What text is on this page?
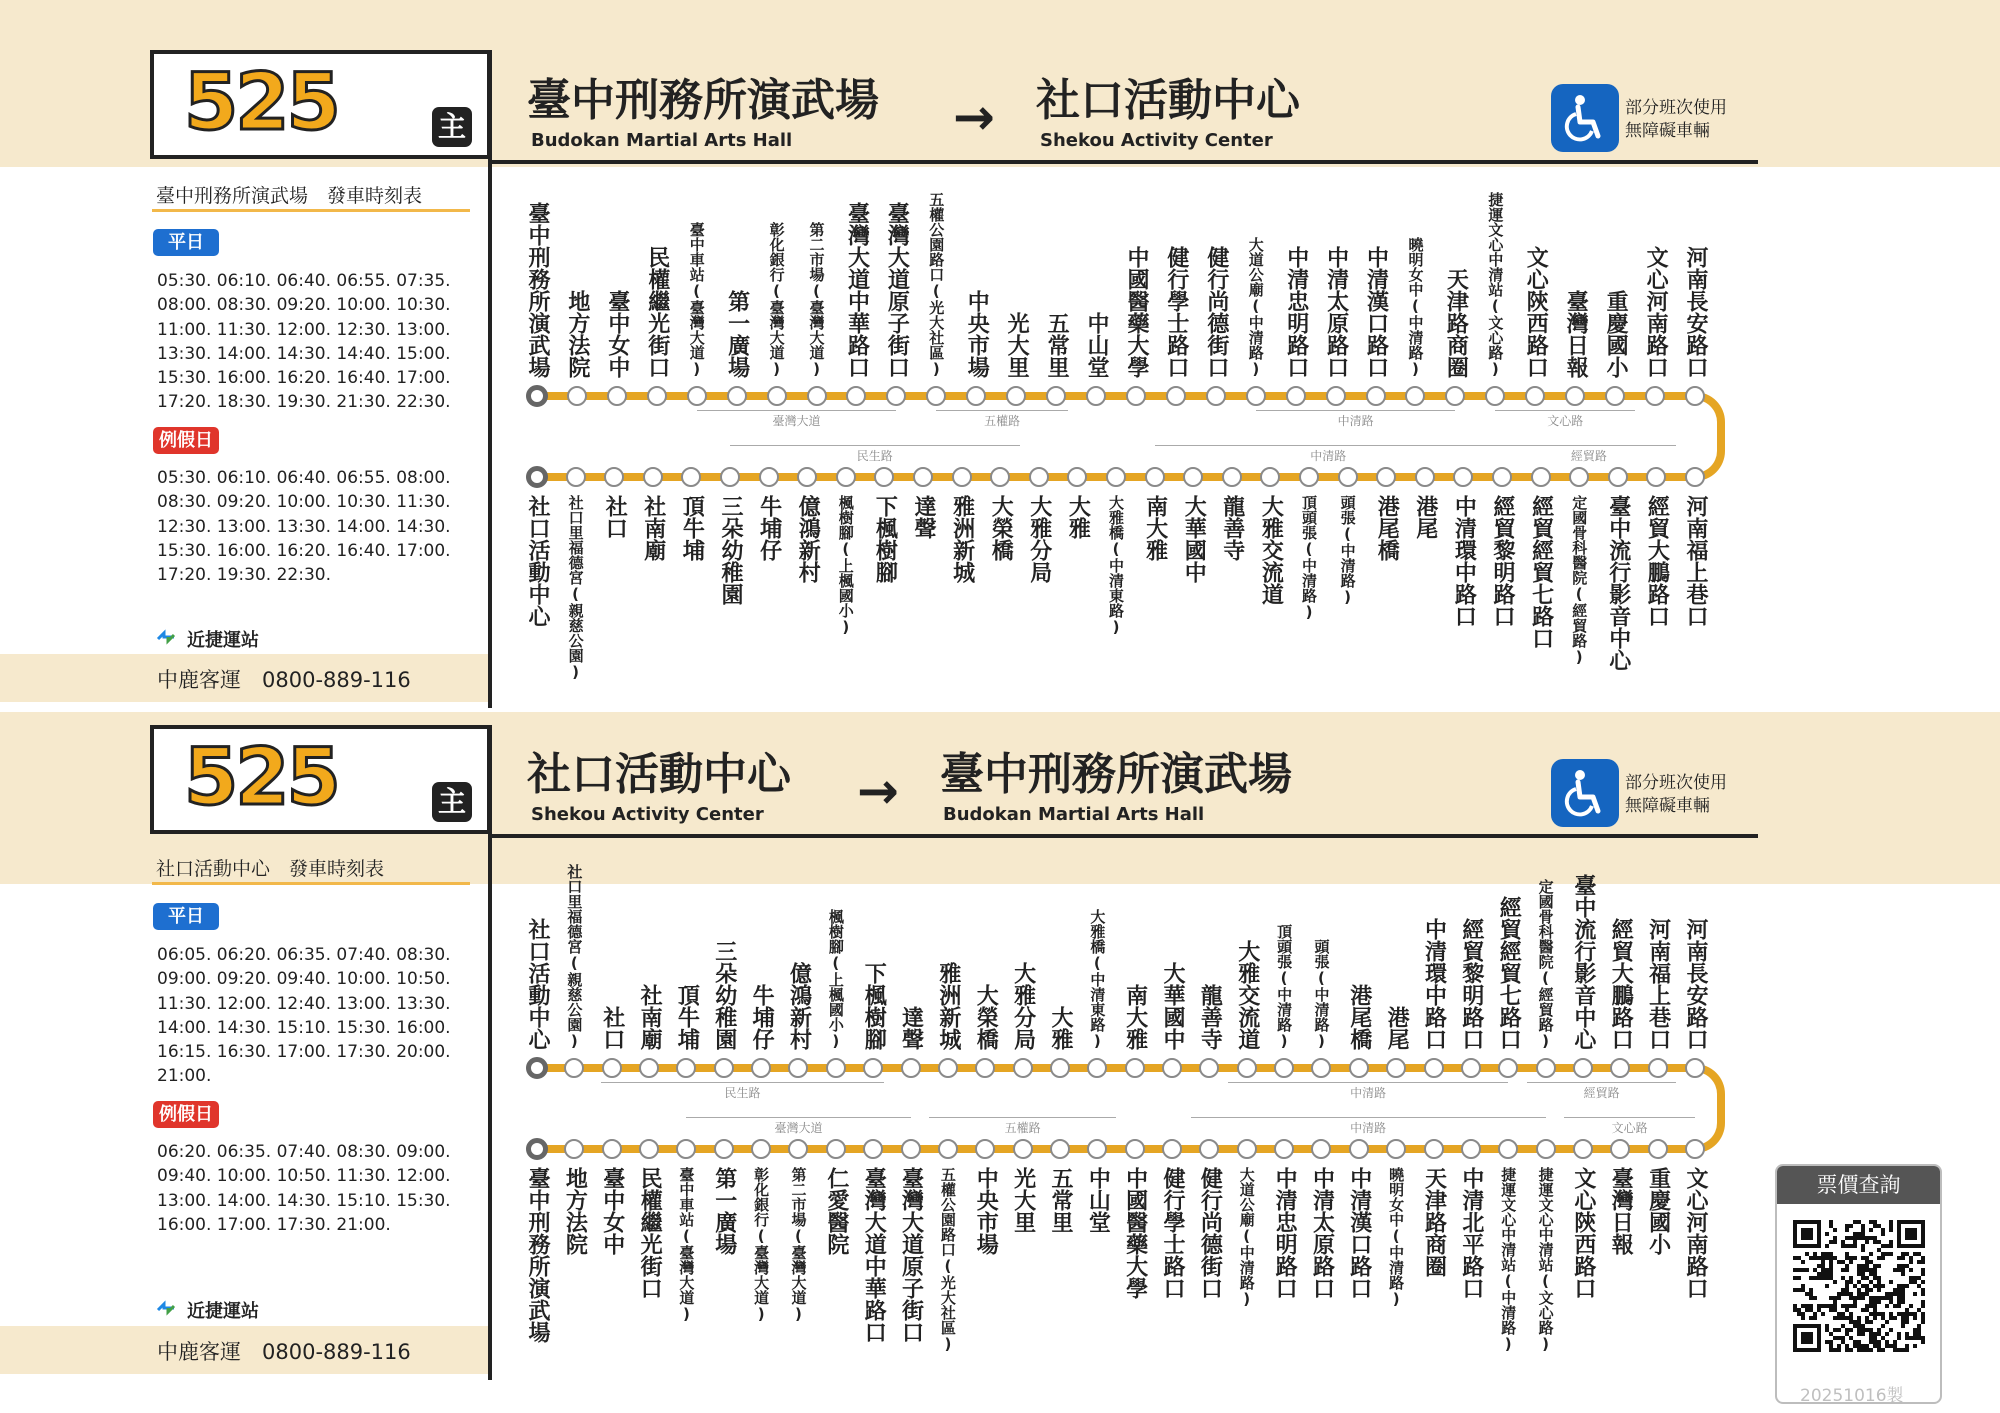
525	主
臺中刑務所演武場
Budokan Martial Arts Hall	→ 社口活動中心
Shekou Activity Center
部分班次使用
無障礙車輛
臺中刑務所演武場　發車時刻表
平日
05:30. 06:10. 06:40. 06:55. 07:35.
08:00. 08:30. 09:20. 10:00. 10:30.
11:00. 11:30. 12:00. 12:30. 13:00.
13:30. 14:00. 14:30. 14:40. 15:00.
15:30. 16:00. 16:20. 16:40. 17:00.
17:20. 18:30. 19:30. 21:30. 22:30.
例假日
05:30. 06:10. 06:40. 06:55. 08:00.
08:30. 09:20. 10:00. 10:30. 11:30.
12:30. 13:00. 13:30. 14:00. 14:30.
15:30. 16:00. 16:20. 16:40. 17:00.
17:20. 19:30. 22:30.
近捷運站
中鹿客運　0800-889-116
臺中刑務所演武場 地方法院 臺中女中 民權繼光街口	臺中車站(臺灣大道) 第一廣場	彰化銀行(臺灣大道)	第二市場(臺灣大道) 臺灣大道中華路口 臺灣大道原子街口	五權公園路口(光大社區) 中央市場 光大里 五常里 中山堂 中國醫藥大學 健行學士路口 健行尚德街口	大道公廟(中清路) 中清忠明路口 中清太原路口 中清漢口路口	曉明女中(中清路) 天津路商圈	捷運文心中清站(文心路) 文心陝西路口 臺灣日報 重慶國小 文心河南路口 河南長安路口
社口活動中心	社口里福德宮(親慈公園) 社口 社南廟 頂牛埔 三朵幼稚園 牛埔仔 億鴻新村	楓樹腳(上楓國小) 下楓樹腳 達聲 雅洲新城 大榮橋 大雅分局 大雅	大雅橋(中清東路) 南大雅 大華國中 龍善寺 大雅交流道	頂頭張(中清路)	頭張(中清路) 港尾橋 港尾 中清環中路口 經貿黎明路口 經貿經貿七路口	定國骨科醫院(經貿路) 臺中流行影音中心 經貿大鵬路口 河南福上巷口
臺灣大道	五權路	中清路	文心路
民生路	中清路	經貿路
525	主
社口活動中心
Shekou Activity Center → 臺中刑務所演武場
Budokan Martial Arts Hall
部分班次使用
無障礙車輛
社口活動中心　發車時刻表
平日
06:05. 06:20. 06:35. 07:40. 08:30.
09:00. 09:20. 09:40. 10:00. 10:50.
11:30. 12:00. 12:40. 13:00. 13:30.
14:00. 14:30. 15:10. 15:30. 16:00.
16:15. 16:30. 17:00. 17:30. 20:00.
21:00.
例假日
06:20. 06:35. 07:40. 08:30. 09:00.
09:40. 10:00. 10:50. 11:30. 12:00.
13:00. 14:00. 14:30. 15:10. 15:30.
16:00. 17:00. 17:30. 21:00.
近捷運站
中鹿客運　0800-889-116
社口活動中心	社口里福德宮(親慈公園) 社口 社南廟 頂牛埔 三朵幼稚園 牛埔仔 億鴻新村	楓樹腳(上楓國小) 下楓樹腳 達聲 雅洲新城 大榮橋 大雅分局 大雅	大雅橋(中清東路) 南大雅 大華國中 龍善寺 大雅交流道	頂頭張(中清路)	頭張(中清路) 港尾橋 港尾 中清環中路口 經貿黎明路口 經貿經貿七路口	定國骨科醫院(經貿路) 臺中流行影音中心 經貿大鵬路口 河南福上巷口 河南長安路口
臺中刑務所演武場 地方法院 臺中女中 民權繼光街口	臺中車站(臺灣大道) 第一廣場	彰化銀行(臺灣大道)	第二市場(臺灣大道) 仁愛醫院 臺灣大道中華路口 臺灣大道原子街口	五權公園路口(光大社區) 中央市場 光大里 五常里 中山堂 中國醫藥大學 健行學士路口 健行尚德街口	大道公廟(中清路) 中清忠明路口 中清太原路口 中清漢口路口	曉明女中(中清路) 天津路商圈 中清北平路口	捷運文心中清站(中清路)	捷運文心中清站(文心路) 文心陝西路口 臺灣日報 重慶國小 文心河南路口
民生路	中清路	經貿路
臺灣大道	五權路	中清路	文心路
票價查詢
20251016製
